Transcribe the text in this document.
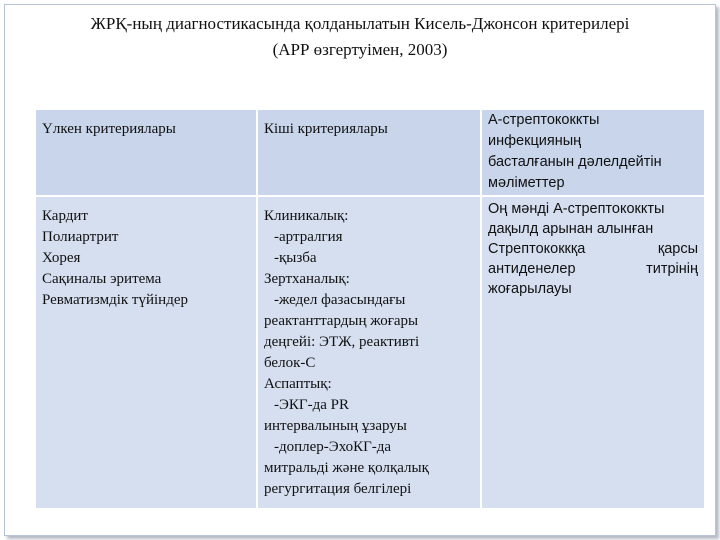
ЖРҚ-ның диагностикасында қолданылатын Кисель-Джонсон критерилері
(АРР өзгертуімен, 2003)
Үлкен критериялары	Кіші критериялары
А-стрептококкты
инфекцияның
басталғанын дәлелдейтін
мәліметтер
Кардит
Полиартрит
Хорея
Сақиналы эритема
Ревматизмдік түйіндер
Клиникалық:
-артралгия
-қызба
Зертханалық:
-жедел фазасындағы
реактанттардың жоғары
деңгейі: ЭТЖ, реактивті
белок-С
Аспаптық:
-ЭКГ-да PR
интервалының ұзаруы
-доплер-ЭхоКГ-да
митральді және қолқалық
регургитация белгілері
Оң мәнді А-стрептококкты
дақылд арынан алынған
Стрептококкқа қарсы
антиденелер титрінің
жоғарылауы
